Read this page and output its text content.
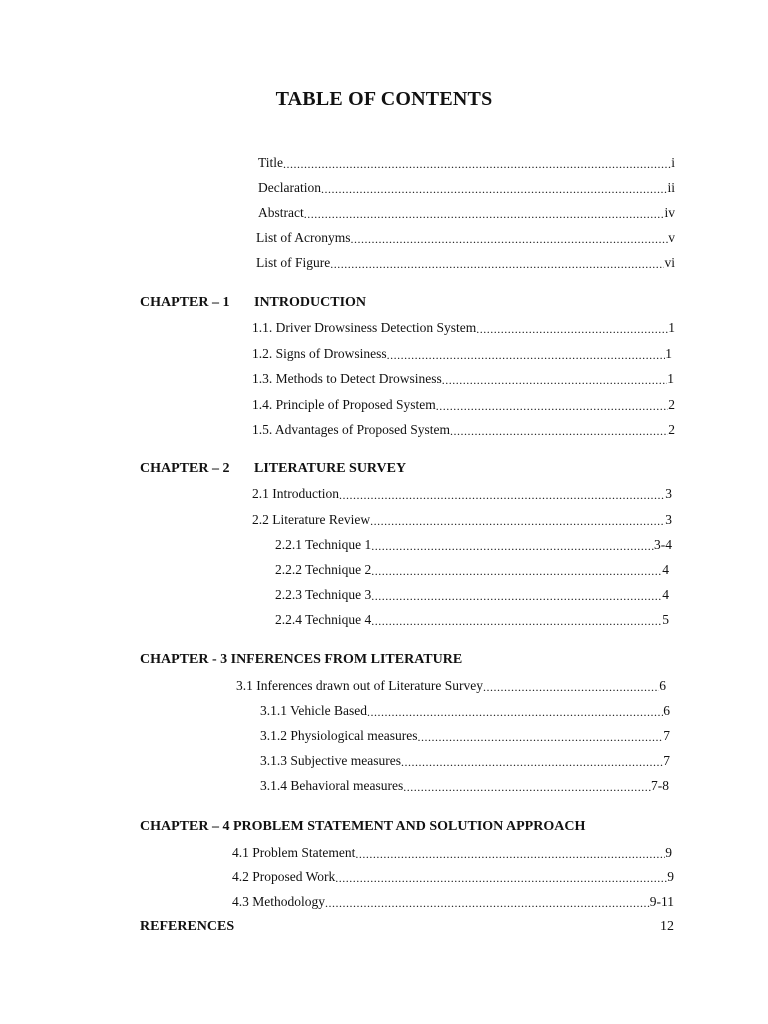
TABLE OF CONTENTS
Title .....	i
Declaration .....	ii
Abstract .....	iv
List of Acronyms .....	v
List of Figure .....	vi
CHAPTER – 1 INTRODUCTION
1.1. Driver Drowsiness Detection System .....	1
1.2. Signs of Drowsiness .....	1
1.3. Methods to Detect Drowsiness .....	1
1.4. Principle of Proposed System .....	2
1.5. Advantages of Proposed System .....	2
CHAPTER – 2 LITERATURE SURVEY
2.1 Introduction .....	3
2.2 Literature Review .....	3
2.2.1 Technique 1 .....	3-4
2.2.2 Technique 2 .....	4
2.2.3 Technique 3 .....	4
2.2.4 Technique 4 .....	5
CHAPTER - 3 INFERENCES FROM LITERATURE
3.1 Inferences drawn out of Literature Survey .....	6
3.1.1 Vehicle Based .....	6
3.1.2 Physiological measures .....	7
3.1.3 Subjective measures .....	7
3.1.4 Behavioral measures .....	7-8
CHAPTER – 4 PROBLEM STATEMENT AND SOLUTION APPROACH
4.1 Problem Statement .....	9
4.2 Proposed Work .....	9
4.3 Methodology .....	9-11
REFERENCES	12
